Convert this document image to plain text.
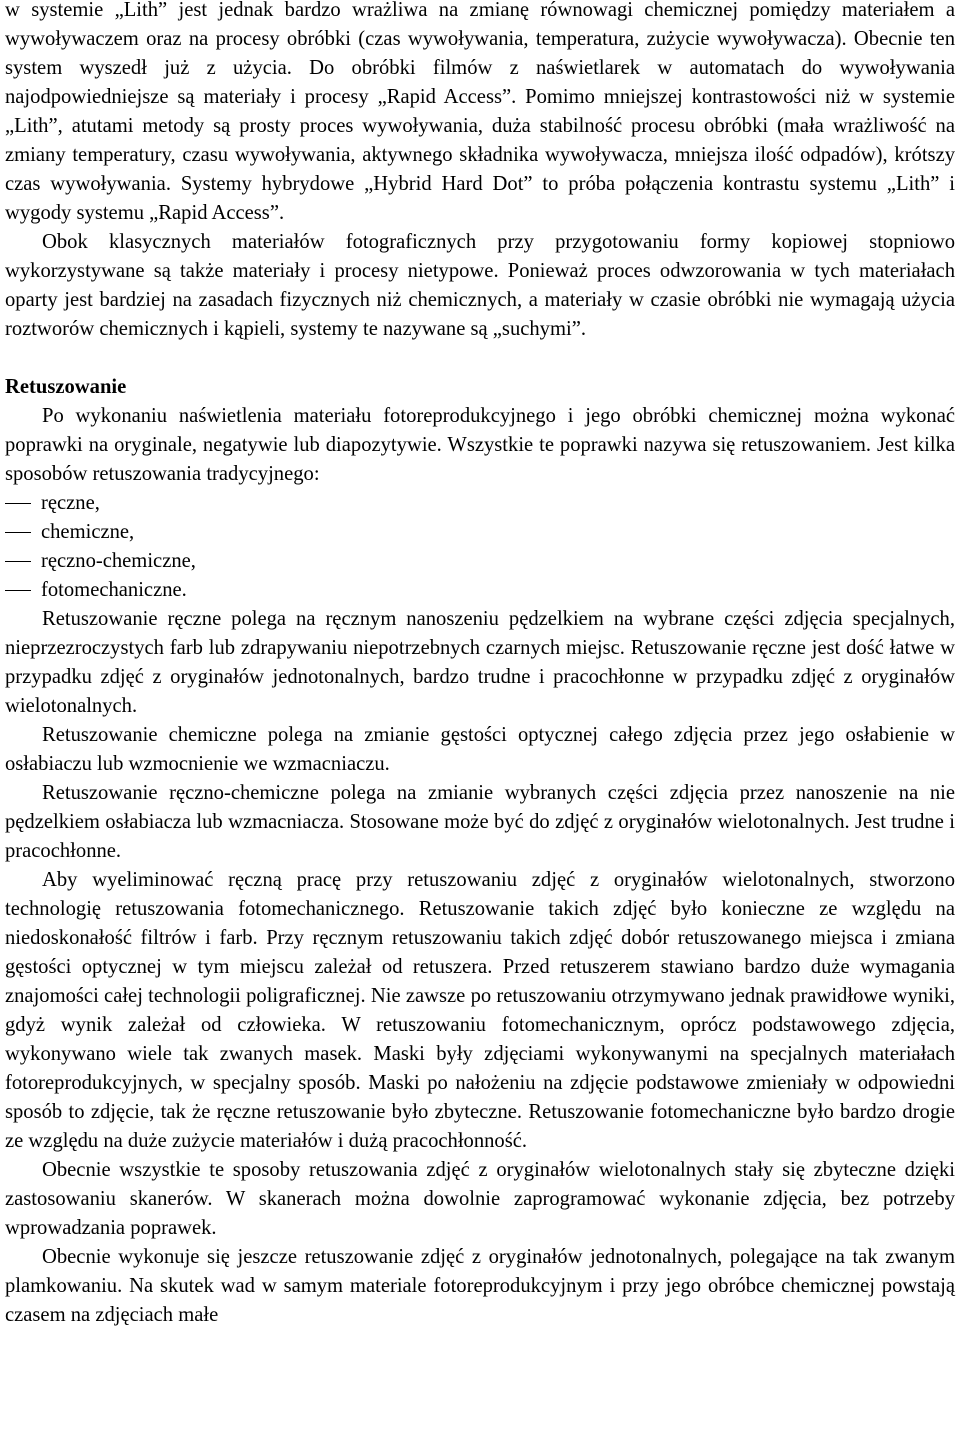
w systemie „Lith” jest jednak bardzo wrażliwa na zmianę równowagi chemicznej pomiędzy materiałem a wywoływaczem oraz na procesy obróbki (czas wywoływania, temperatura, zużycie wywoływacza). Obecnie ten system wyszedł już z użycia. Do obróbki filmów z naświetlarek w automatach do wywoływania najodpowiedniejsze są materiały i procesy „Rapid Access”. Pomimo mniejszej kontrastowości niż w systemie „Lith”, atutami metody są prosty proces wywoływania, duża stabilność procesu obróbki (mała wrażliwość na zmiany temperatury, czasu wywoływania, aktywnego składnika wywoływacza, mniejsza ilość odpadów), krótszy czas wywoływania. Systemy hybrydowe „Hybrid Hard Dot” to próba połączenia kontrastu systemu „Lith” i wygody systemu „Rapid Access”.

Obok klasycznych materiałów fotograficznych przy przygotowaniu formy kopiowej stopniowo wykorzystywane są także materiały i procesy nietypowe. Ponieważ proces odwzorowania w tych materiałach oparty jest bardziej na zasadach fizycznych niż chemicznych, a materiały w czasie obróbki nie wymagają użycia roztworów chemicznych i kąpieli, systemy te nazywane są „suchymi”.

Retuszowanie

Po wykonaniu naświetlenia materiału fotoreprodukcyjnego i jego obróbki chemicznej można wykonać poprawki na oryginale, negatywie lub diapozytywie. Wszystkie te poprawki nazywa się retuszowaniem. Jest kilka sposobów retuszowania tradycyjnego:

ręczne,
chemiczne,
ręczno-chemiczne,
fotomechaniczne.

Retuszowanie ręczne polega na ręcznym nanoszeniu pędzelkiem na wybrane części zdjęcia specjalnych, nieprzezroczystych farb lub zdrapywaniu niepotrzebnych czarnych miejsc. Retuszowanie ręczne jest dość łatwe w przypadku zdjęć z oryginałów jednotonalnych, bardzo trudne i pracochłonne w przypadku zdjęć z oryginałów wielotonalnych.

Retuszowanie chemiczne polega na zmianie gęstości optycznej całego zdjęcia przez jego osłabienie w osłabiaczu lub wzmocnienie we wzmacniaczu.

Retuszowanie ręczno-chemiczne polega na zmianie wybranych części zdjęcia przez nanoszenie na nie pędzelkiem osłabiacza lub wzmacniacza. Stosowane może być do zdjęć z oryginałów wielotonalnych. Jest trudne i pracochłonne.

Aby wyeliminować ręczną pracę przy retuszowaniu zdjęć z oryginałów wielotonalnych, stworzono technologię retuszowania fotomechanicznego. Retuszowanie takich zdjęć było konieczne ze względu na niedoskonałość filtrów i farb. Przy ręcznym retuszowaniu takich zdjęć dobór retuszowanego miejsca i zmiana gęstości optycznej w tym miejscu zależał od retuszera. Przed retuszerem stawiano bardzo duże wymagania znajomości całej technologii poligraficznej. Nie zawsze po retuszowaniu otrzymywano jednak prawidłowe wyniki, gdyż wynik zależał od człowieka. W retuszowaniu fotomechanicznym, oprócz podstawowego zdjęcia, wykonywano wiele tak zwanych masek. Maski były zdjęciami wykonywanymi na specjalnych materiałach fotoreprodukcyjnych, w specjalny sposób. Maski po nałożeniu na zdjęcie podstawowe zmieniały w odpowiedni sposób to zdjęcie, tak że ręczne retuszowanie było zbyteczne. Retuszowanie fotomechaniczne było bardzo drogie ze względu na duże zużycie materiałów i dużą pracochłonność.

Obecnie wszystkie te sposoby retuszowania zdjęć z oryginałów wielotonalnych stały się zbyteczne dzięki zastosowaniu skanerów. W skanerach można dowolnie zaprogramować wykonanie zdjęcia, bez potrzeby wprowadzania poprawek.

Obecnie wykonuje się jeszcze retuszowanie zdjęć z oryginałów jednotonalnych, polegające na tak zwanym plamkowaniu. Na skutek wad w samym materiale fotoreprodukcyjnym i przy jego obróbce chemicznej powstają czasem na zdjęciach małe
